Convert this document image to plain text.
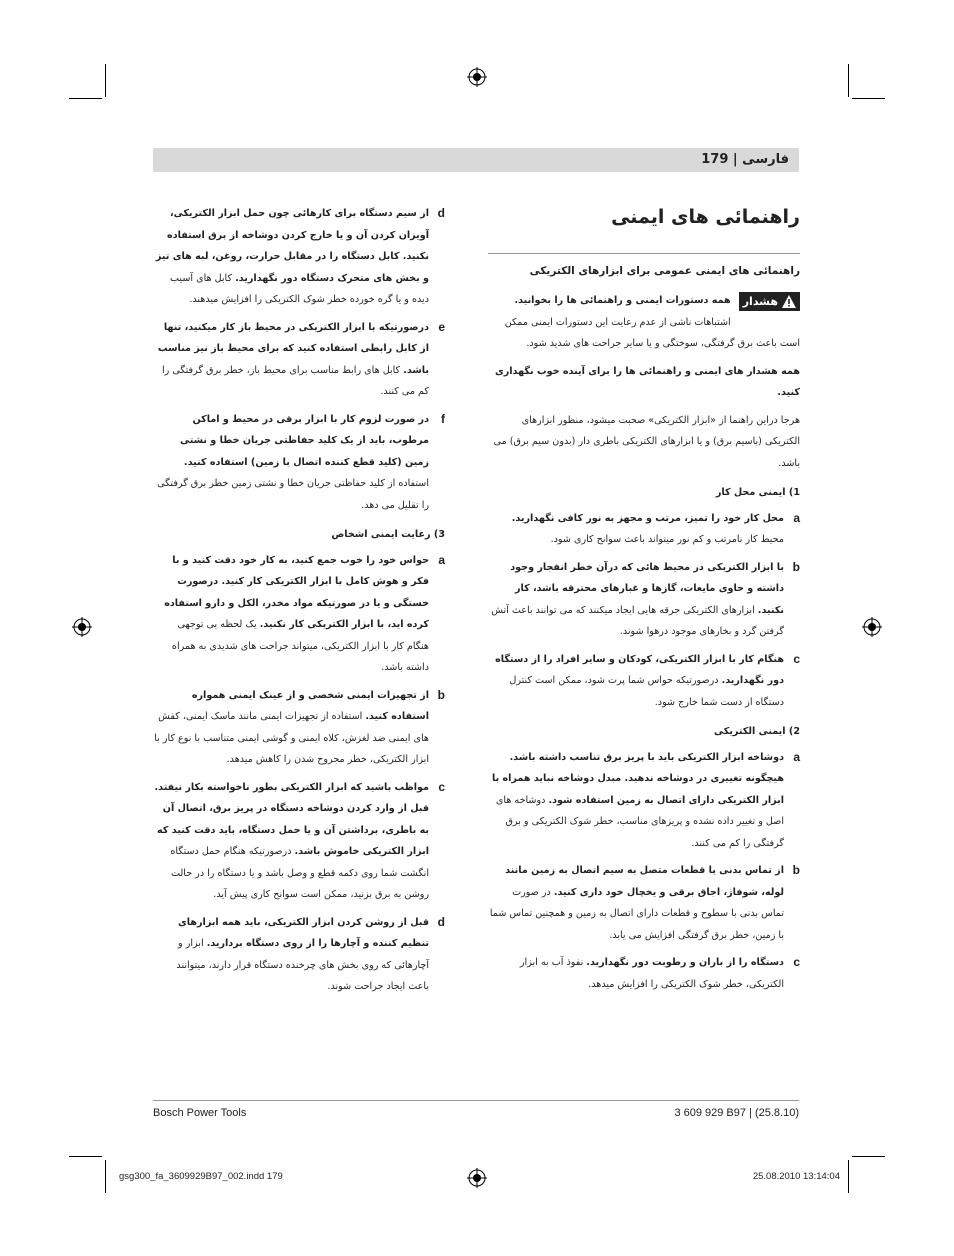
فارسی | 179
راهنمائی های ایمنی
راهنمائی های ایمنی عمومی برای ابزارهای الکتریکی
هشدار
همه دستورات ایمنی و راهنمائی ها را بخوانید. اشتباهات ناشی از عدم رعایت این دستورات ایمنی ممکن است باعث برق گرفتگی، سوختگی و یا سایر جراحت های شدید شود.
همه هشدار های ایمنی و راهنمائی ها را برای آینده خوب نگهداری کنید.
هرجا دراین راهنما از «ابزار الکتریکی» صحبت میشود، منظور ابزارهای الکتریکی (باسیم برق) و یا ابزارهای الکتریکی باطری دار (بدون سیم برق) می باشد.
1) ایمنی محل کار
a
محل کار خود را تمیز، مرتب و مجهز به نور کافی نگهدارید. محیط کار نامرتب و کم نور میتواند باعث سوانح کاری شود.
b
با ابزار الکتریکی در محیط هائی که درآن خطر انفجار وجود داشته و حاوی مایعات، گازها و غبارهای محترقه باشد، کار نکنید. ابزارهای الکتریکی جرقه هایی ایجاد میکنند که می توانند باعث آتش گرفتن گرد و بخارهای موجود درهوا شوند.
c
هنگام کار با ابزار الکتریکی، کودکان و سایر افراد را از دستگاه دور نگهدارید. درصورتیکه حواس شما پرت شود، ممکن است کنترل دستگاه از دست شما خارج شود.
2) ایمنی الکتریکی
a
دوشاخه ابزار الکتریکی باید با پریز برق تناسب داشته باشد. هیچگونه تغییری در دوشاخه ندهید. مبدل دوشاخه نباید همراه با ابزار الکتریکی دارای اتصال به زمین استفاده شود. دوشاخه های اصل و تغییر داده نشده و پریزهای مناسب، خطر شوک الکتریکی و برق گرفتگی را کم می کنند.
b
از تماس بدنی با قطعات متصل به سیم اتصال به زمین مانند لوله، شوفاژ، اجاق برقی و یخچال خود داری کنید. در صورت تماس بدنی با سطوح و قطعات دارای اتصال به زمین و همچنین تماس شما با زمین، خطر برق گرفتگی افزایش می یابد.
c
دستگاه را از باران و رطوبت دور نگهدارید. نفوذ آب به ابزار الکتریکی، خطر شوک الکتریکی را افزایش میدهد.
d
از سیم دستگاه برای کارهائی چون حمل ابزار الکتریکی، آویزان کردن آن و یا خارج کردن دوشاخه از برق استفاده نکنید. کابل دستگاه را در مقابل حرارت، روغن، لبه های تیز و بخش های متحرک دستگاه دور نگهدارید. کابل های آسیب دیده و یا گره خورده خطر شوک الکتریکی را افزایش میدهند.
e
درصورتیکه با ابزار الکتریکی در محیط باز کار میکنید، تنها از کابل رابطی استفاده کنید که برای محیط باز نیز مناسب باشد. کابل های رابط مناسب برای محیط باز، خطر برق گرفتگی را کم می کنند.
f
در صورت لزوم کار با ابزار برقی در محیط و اماکن مرطوب، باید از یک کلید حفاظتی جریان خطا و نشتی زمین (کلید قطع کننده اتصال با زمین) استفاده کنید. استفاده از کلید حفاظتی جریان خطا و نشتی زمین خطر برق گرفتگی را تقلیل می دهد.
3) رعایت ایمنی اشخاص
a
حواس خود را خوب جمع کنید، به کار خود دقت کنید و با فکر و هوش کامل با ابزار الکتریکی کار کنید. درصورت خستگی و یا در صورتیکه مواد مخدر، الکل و دارو استفاده کرده اید، با ابزار الکتریکی کار نکنید. یک لحظه بی توجهی هنگام کار با ابزار الکتریکی، میتواند جراحت های شدیدی به همراه داشته باشد.
b
از تجهیزات ایمنی شخصی و از عینک ایمنی همواره استفاده کنید. استفاده از تجهیزات ایمنی مانند ماسک ایمنی، کفش های ایمنی ضد لغزش، کلاه ایمنی و گوشی ایمنی متناسب با نوع کار با ابزار الکتریکی، خطر مجروح شدن را کاهش میدهد.
c
مواظب باشید که ابزار الکتریکی بطور ناخواسته بکار نیفتد. قبل از وارد کردن دوشاخه دستگاه در پریز برق، اتصال آن به باطری، برداشتن آن و یا حمل دستگاه، باید دقت کنید که ابزار الکتریکی خاموش باشد. درصورتیکه هنگام حمل دستگاه انگشت شما روی دکمه قطع و وصل باشد و یا دستگاه را در حالت روشن به برق بزنید، ممکن است سوانح کاری پیش آید.
d
قبل از روشن کردن ابزار الکتریکی، باید همه ابزارهای تنظیم کننده و آچارها را از روی دستگاه بردارید. ابزار و آچارهائی که روی بخش های چرخنده دستگاه قرار دارند، میتوانند باعث ایجاد جراحت شوند.
Bosch Power Tools	3 609 929 B97 | (25.8.10)
gsg300_fa_3609929B97_002.indd 179	25.08.2010 13:14:04
